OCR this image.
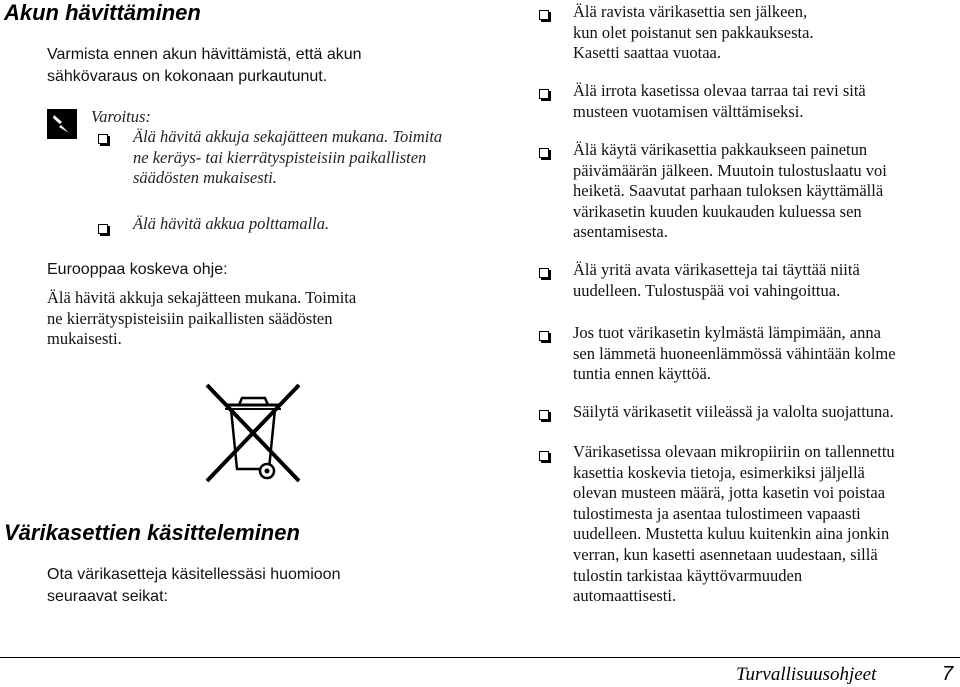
Akun hävittäminen
Varmista ennen akun hävittämistä, että akun
sähkövaraus on kokonaan purkautunut.
Varoitus:
Älä hävitä akkuja sekajätteen mukana. Toimita
ne keräys- tai kierrätyspisteisiin paikallisten
säädösten mukaisesti.
Älä hävitä akkua polttamalla.
Eurooppaa koskeva ohje:
Älä hävitä akkuja sekajätteen mukana. Toimita
ne kierrätyspisteisiin paikallisten säädösten
mukaisesti.
Värikasettien käsitteleminen
Ota värikasetteja käsitellessäsi huomioon
seuraavat seikat:
Älä ravista värikasettia sen jälkeen,
kun olet poistanut sen pakkauksesta.
Kasetti saattaa vuotaa.
Älä irrota kasetissa olevaa tarraa tai revi sitä
musteen vuotamisen välttämiseksi.
Älä käytä värikasettia pakkaukseen painetun
päivämäärän jälkeen. Muutoin tulostuslaatu voi
heiketä. Saavutat parhaan tuloksen käyttämällä
värikasetin kuuden kuukauden kuluessa sen
asentamisesta.
Älä yritä avata värikasetteja tai täyttää niitä
uudelleen. Tulostuspää voi vahingoittua.
Jos tuot värikasetin kylmästä lämpimään, anna
sen lämmetä huoneenlämmössä vähintään kolme
tuntia ennen käyttöä.
Säilytä värikasetit viileässä ja valolta suojattuna.
Värikasetissa olevaan mikropiiriin on tallennettu
kasettia koskevia tietoja, esimerkiksi jäljellä
olevan musteen määrä, jotta kasetin voi poistaa
tulostimesta ja asentaa tulostimeen vapaasti
uudelleen. Mustetta kuluu kuitenkin aina jonkin
verran, kun kasetti asennetaan uudestaan, sillä
tulostin tarkistaa käyttövarmuuden
automaattisesti.
Turvallisuusohjeet	7
